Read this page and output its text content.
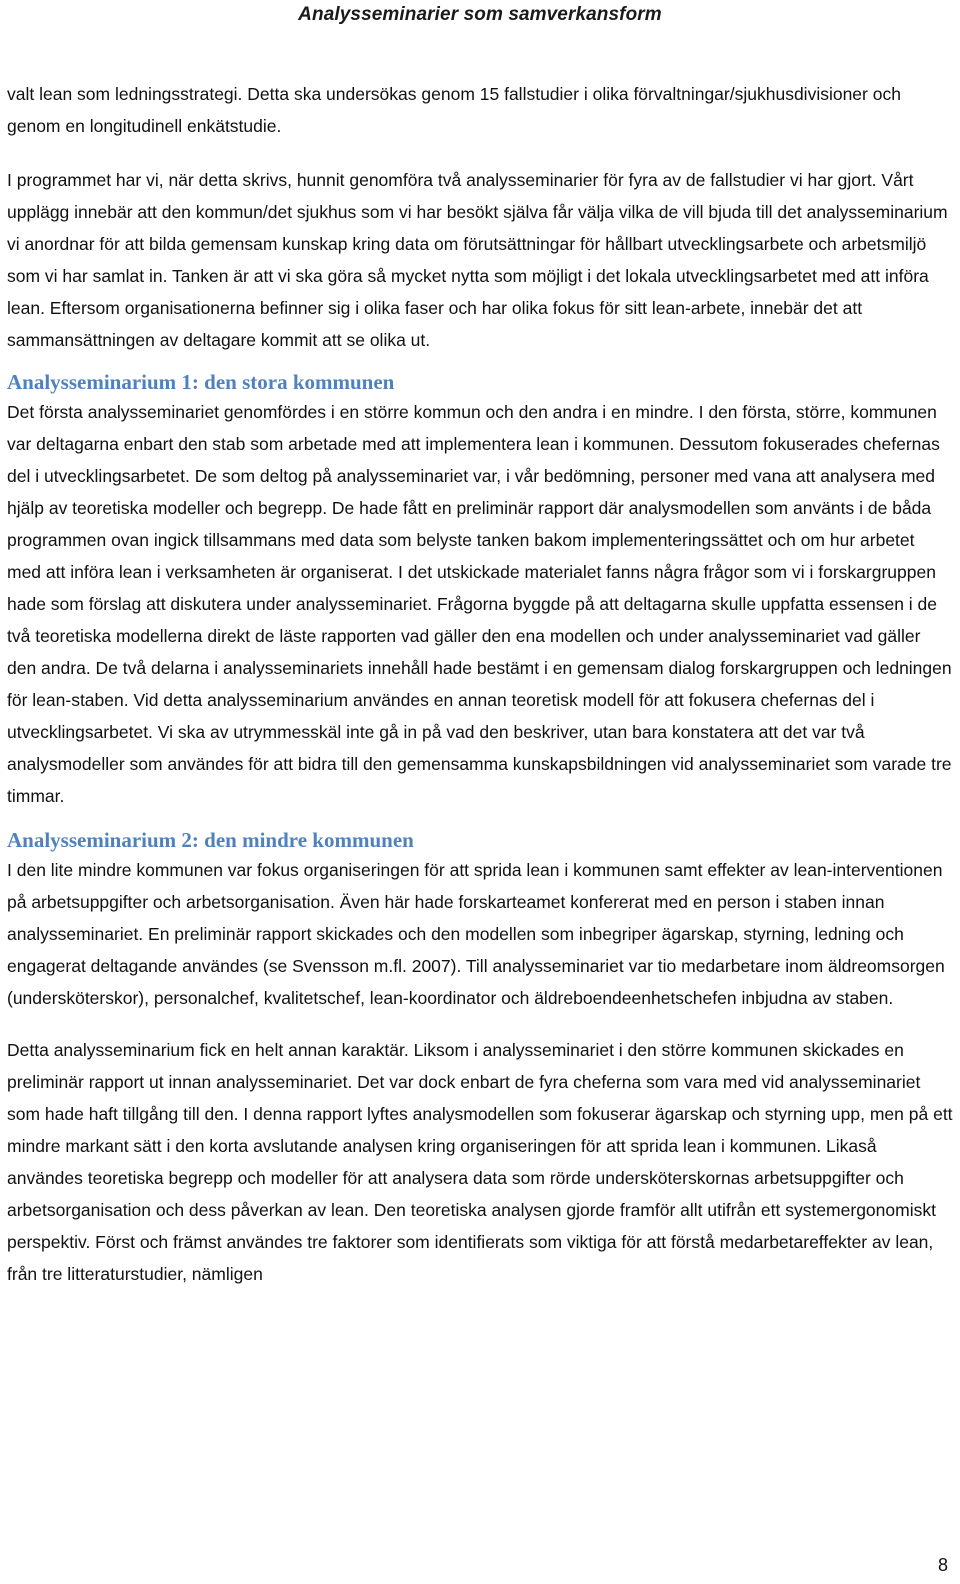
Analysseminarier som samverkansform

valt lean som ledningsstrategi. Detta ska undersökas genom 15 fallstudier i olika förvaltningar/sjukhusdivisioner och genom en longitudinell enkätstudie.

I programmet har vi, när detta skrivs, hunnit genomföra två analysseminarier för fyra av de fallstudier vi har gjort. Vårt upplägg innebär att den kommun/det sjukhus som vi har besökt själva får välja vilka de vill bjuda till det analysseminarium vi anordnar för att bilda gemensam kunskap kring data om förutsättningar för hållbart utvecklingsarbete och arbetsmiljö som vi har samlat in. Tanken är att vi ska göra så mycket nytta som möjligt i det lokala utvecklingsarbetet med att införa lean. Eftersom organisationerna befinner sig i olika faser och har olika fokus för sitt lean-arbete, innebär det att sammansättningen av deltagare kommit att se olika ut.

Analysseminarium 1: den stora kommunen

Det första analysseminariet genomfördes i en större kommun och den andra i en mindre. I den första, större, kommunen var deltagarna enbart den stab som arbetade med att implementera lean i kommunen. Dessutom fokuserades chefernas del i utvecklingsarbetet. De som deltog på analysseminariet var, i vår bedömning, personer med vana att analysera med hjälp av teoretiska modeller och begrepp. De hade fått en preliminär rapport där analysmodellen som använts i de båda programmen ovan ingick tillsammans med data som belyste tanken bakom implementeringssättet och om hur arbetet med att införa lean i verksamheten är organiserat. I det utskickade materialet fanns några frågor som vi i forskargruppen hade som förslag att diskutera under analysseminariet. Frågorna byggde på att deltagarna skulle uppfatta essensen i de två teoretiska modellerna direkt de läste rapporten vad gäller den ena modellen och under analysseminariet vad gäller den andra. De två delarna i analysseminariets innehåll hade bestämt i en gemensam dialog forskargruppen och ledningen för lean-staben. Vid detta analysseminarium användes en annan teoretisk modell för att fokusera chefernas del i utvecklingsarbetet. Vi ska av utrymmesskäl inte gå in på vad den beskriver, utan bara konstatera att det var två analysmodeller som användes för att bidra till den gemensamma kunskapsbildningen vid analysseminariet som varade tre timmar.

Analysseminarium 2: den mindre kommunen

I den lite mindre kommunen var fokus organiseringen för att sprida lean i kommunen samt effekter av lean-interventionen på arbetsuppgifter och arbetsorganisation. Även här hade forskarteamet konfererat med en person i staben innan analysseminariet. En preliminär rapport skickades och den modellen som inbegriper ägarskap, styrning, ledning och engagerat deltagande användes (se Svensson m.fl. 2007). Till analysseminariet var tio medarbetare inom äldreomsorgen (undersköterskor), personalchef, kvalitetschef, lean-koordinator och äldreboendeenhetschefen inbjudna av staben.

Detta analysseminarium fick en helt annan karaktär. Liksom i analysseminariet i den större kommunen skickades en preliminär rapport ut innan analysseminariet. Det var dock enbart de fyra cheferna som vara med vid analysseminariet som hade haft tillgång till den. I denna rapport lyftes analysmodellen som fokuserar ägarskap och styrning upp, men på ett mindre markant sätt i den korta avslutande analysen kring organiseringen för att sprida lean i kommunen. Likaså användes teoretiska begrepp och modeller för att analysera data som rörde undersköterskornas arbetsuppgifter och arbetsorganisation och dess påverkan av lean. Den teoretiska analysen gjorde framför allt utifrån ett systemergonomiskt perspektiv. Först och främst användes tre faktorer som identifierats som viktiga för att förstå medarbetareffekter av lean, från tre litteraturstudier, nämligen

8
